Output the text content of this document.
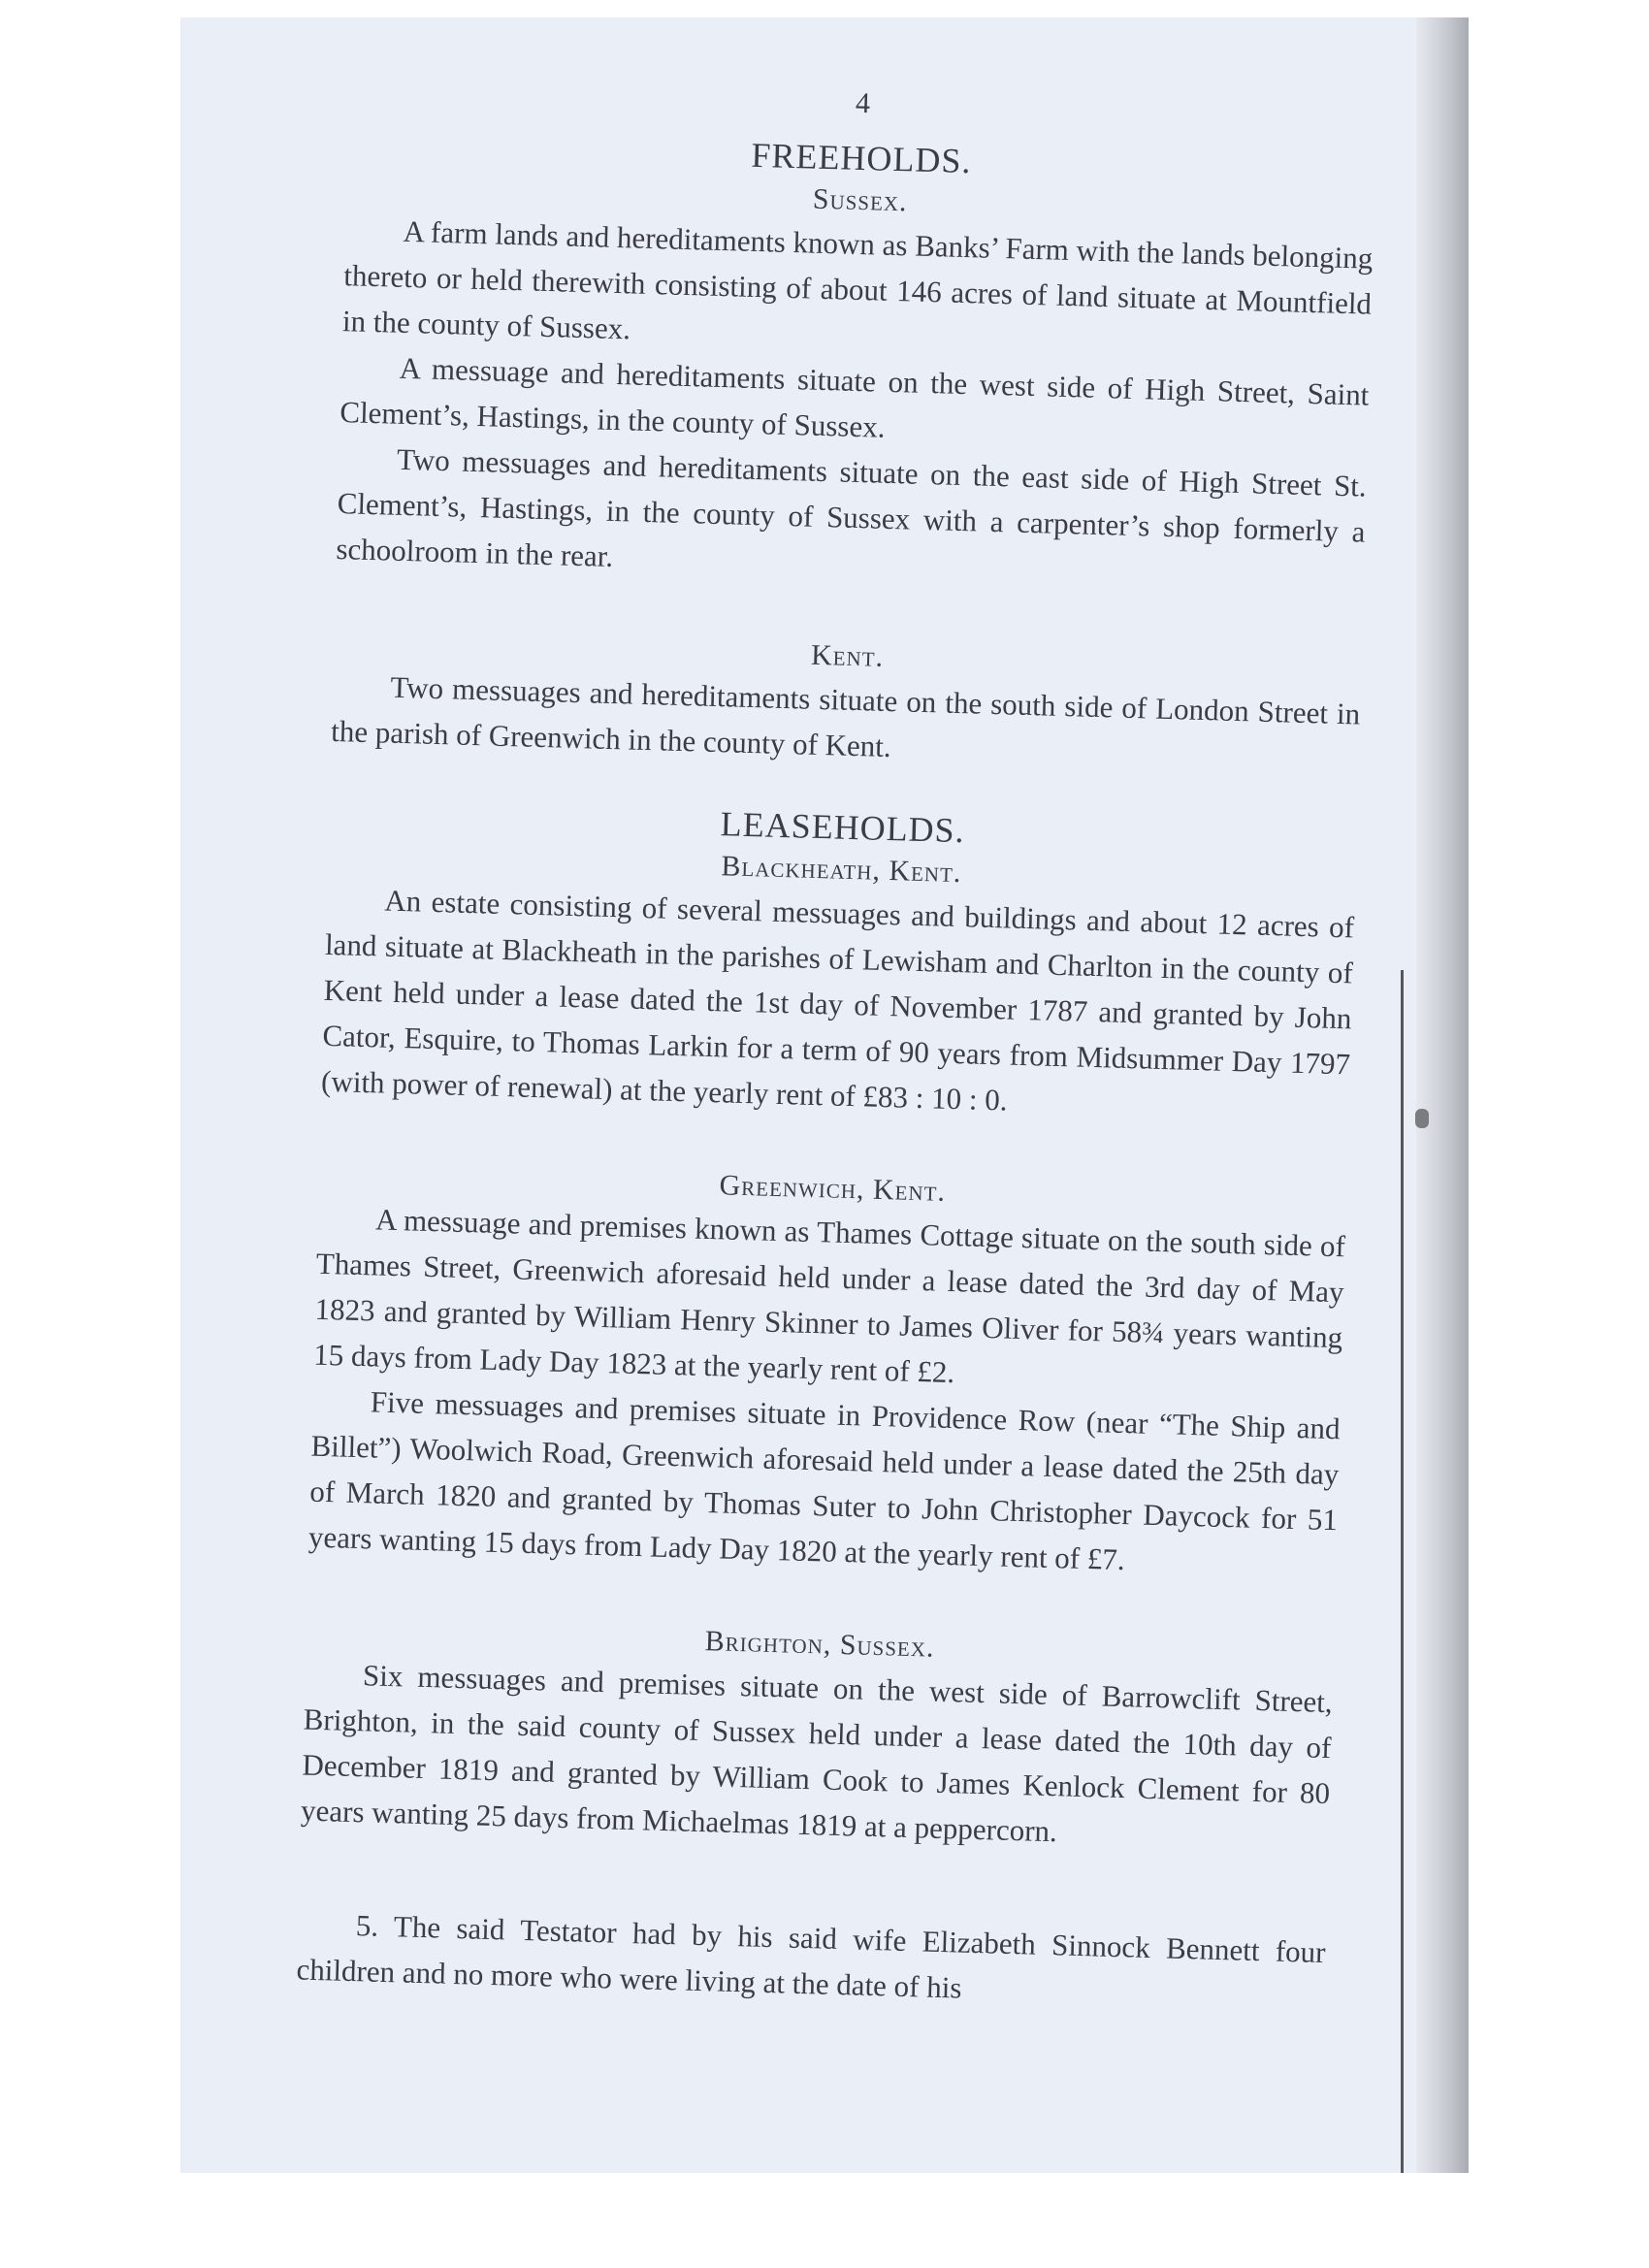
4
FREEHOLDS.
Sussex.

A farm lands and hereditaments known as Banks’ Farm with the lands belonging thereto or held therewith consisting of about 146 acres of land situate at Mountfield in the county of Sussex.

A messuage and hereditaments situate on the west side of High Street, Saint Clement’s, Hastings, in the county of Sussex.

Two messuages and hereditaments situate on the east side of High Street St. Clement’s, Hastings, in the county of Sussex with a carpenter’s shop formerly a schoolroom in the rear.

Kent.

Two messuages and hereditaments situate on the south side of London Street in the parish of Greenwich in the county of Kent.

LEASEHOLDS.
Blackheath, Kent.

An estate consisting of several messuages and buildings and about 12 acres of land situate at Blackheath in the parishes of Lewisham and Charlton in the county of Kent held under a lease dated the 1st day of November 1787 and granted by John Cator, Esquire, to Thomas Larkin for a term of 90 years from Midsummer Day 1797 (with power of renewal) at the yearly rent of £83 : 10 : 0.

Greenwich, Kent.

A messuage and premises known as Thames Cottage situate on the south side of Thames Street, Greenwich aforesaid held under a lease dated the 3rd day of May 1823 and granted by William Henry Skinner to James Oliver for 58¾ years wanting 15 days from Lady Day 1823 at the yearly rent of £2.

Five messuages and premises situate in Providence Row (near “The Ship and Billet”) Woolwich Road, Greenwich aforesaid held under a lease dated the 25th day of March 1820 and granted by Thomas Suter to John Christopher Daycock for 51 years wanting 15 days from Lady Day 1820 at the yearly rent of £7.

Brighton, Sussex.

Six messuages and premises situate on the west side of Barrowclift Street, Brighton, in the said county of Sussex held under a lease dated the 10th day of December 1819 and granted by William Cook to James Kenlock Clement for 80 years wanting 25 days from Michaelmas 1819 at a peppercorn.

5. The said Testator had by his said wife Elizabeth Sinnock Bennett four children and no more who were living at the date of his
